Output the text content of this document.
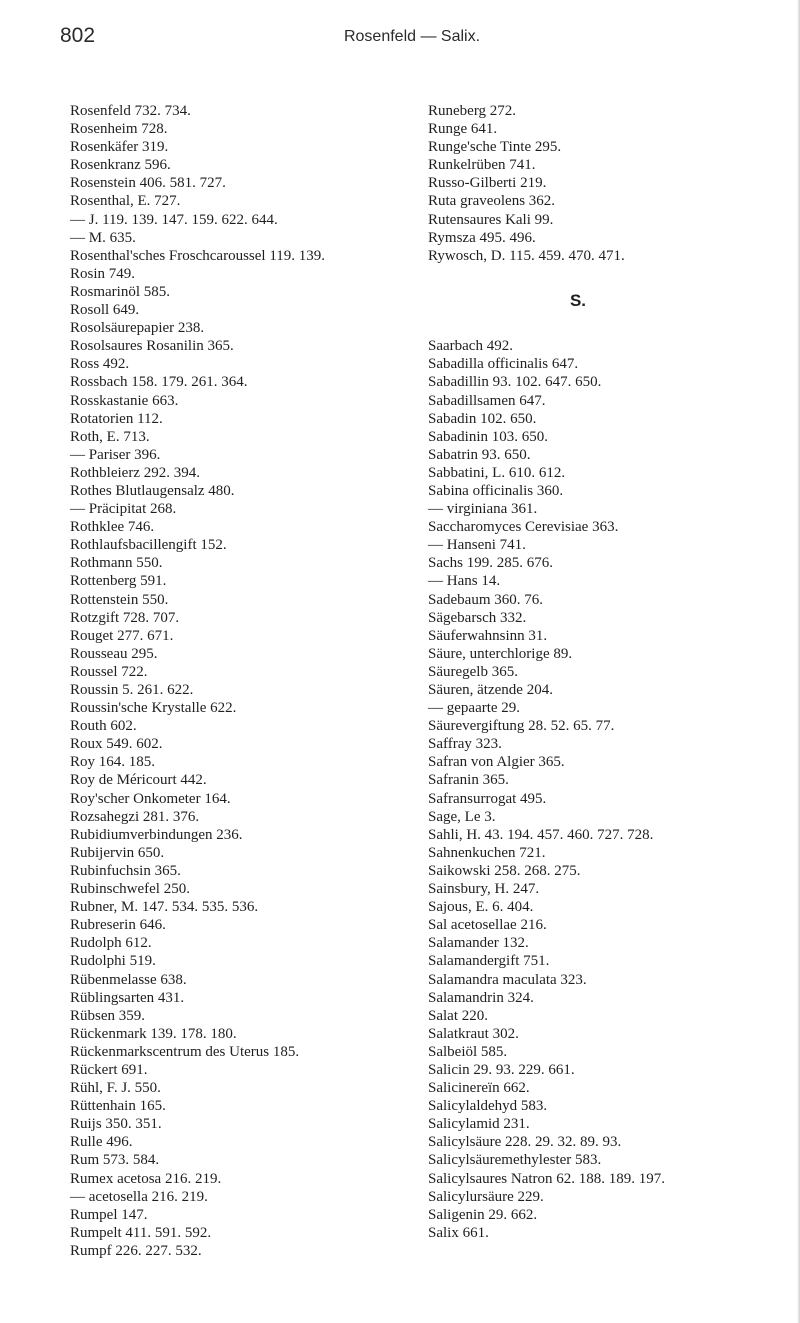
802	Rosenfeld — Salix.
Rosenfeld 732. 734.
Rosenheim 728.
Rosenkäfer 319.
Rosenkranz 596.
Rosenstein 406. 581. 727.
Rosenthal, E. 727.
— J. 119. 139. 147. 159. 622. 644.
— M. 635.
Rosenthal'sches Froschcaroussel 119. 139.
Rosin 749.
Rosmarinöl 585.
Rosoll 649.
Rosolsäurepapier 238.
Rosolsaures Rosanilin 365.
Ross 492.
Rossbach 158. 179. 261. 364.
Rosskastanie 663.
Rotatorien 112.
Roth, E. 713.
— Pariser 396.
Rothbleierz 292. 394.
Rothes Blutlaugensalz 480.
— Präcipitat 268.
Rothklee 746.
Rothlaufsbacillengift 152.
Rothmann 550.
Rottenberg 591.
Rottenstein 550.
Rotzgift 728. 707.
Rouget 277. 671.
Rousseau 295.
Roussel 722.
Roussin 5. 261. 622.
Roussin'sche Krystalle 622.
Routh 602.
Roux 549. 602.
Roy 164. 185.
Roy de Méricourt 442.
Roy'scher Onkometer 164.
Rozsahegzi 281. 376.
Rubidiumverbindungen 236.
Rubijervin 650.
Rubinfuchsin 365.
Rubinschwefel 250.
Rubner, M. 147. 534. 535. 536.
Rubreserin 646.
Rudolph 612.
Rudolphi 519.
Rübenmelasse 638.
Rüblingsarten 431.
Rübsen 359.
Rückenmark 139. 178. 180.
Rückenmarkscentrum des Uterus 185.
Rückert 691.
Rühl, F. J. 550.
Rüttenhain 165.
Ruijs 350. 351.
Rulle 496.
Rum 573. 584.
Rumex acetosa 216. 219.
— acetosella 216. 219.
Rumpel 147.
Rumpelt 411. 591. 592.
Rumpf 226. 227. 532.
Runeberg 272.
Runge 641.
Runge'sche Tinte 295.
Runkelrüben 741.
Russo-Gilberti 219.
Ruta graveolens 362.
Rutensaures Kali 99.
Rymsza 495. 496.
Rywosch, D. 115. 459. 470. 471.
S.
Saarbach 492.
Sabadilla officinalis 647.
Sabadillin 93. 102. 647. 650.
Sabadillsamen 647.
Sabadin 102. 650.
Sabadinin 103. 650.
Sabatrin 93. 650.
Sabbatini, L. 610. 612.
Sabina officinalis 360.
— virginiana 361.
Saccharomyces Cerevisiae 363.
— Hanseni 741.
Sachs 199. 285. 676.
— Hans 14.
Sadebaum 360. 76.
Sägebarsch 332.
Säuferwahnsinn 31.
Säure, unterchlorige 89.
Säuregelb 365.
Säuren, ätzende 204.
— gepaarte 29.
Säurevergiftung 28. 52. 65. 77.
Saffray 323.
Safran von Algier 365.
Safranin 365.
Safransurrogat 495.
Sage, Le 3.
Sahli, H. 43. 194. 457. 460. 727. 728.
Sahnenkuchen 721.
Saikowski 258. 268. 275.
Sainsbury, H. 247.
Sajous, E. 6. 404.
Sal acetosellae 216.
Salamander 132.
Salamandergift 751.
Salamandra maculata 323.
Salamandrin 324.
Salat 220.
Salatkraut 302.
Salbeiöl 585.
Salicin 29. 93. 229. 661.
Salicinereïn 662.
Salicylaldehyd 583.
Salicylamid 231.
Salicylsäure 228. 29. 32. 89. 93.
Salicylsäuremethylester 583.
Salicylsaures Natron 62. 188. 189. 197.
Salicylursäure 229.
Saligenin 29. 662.
Salix 661.
